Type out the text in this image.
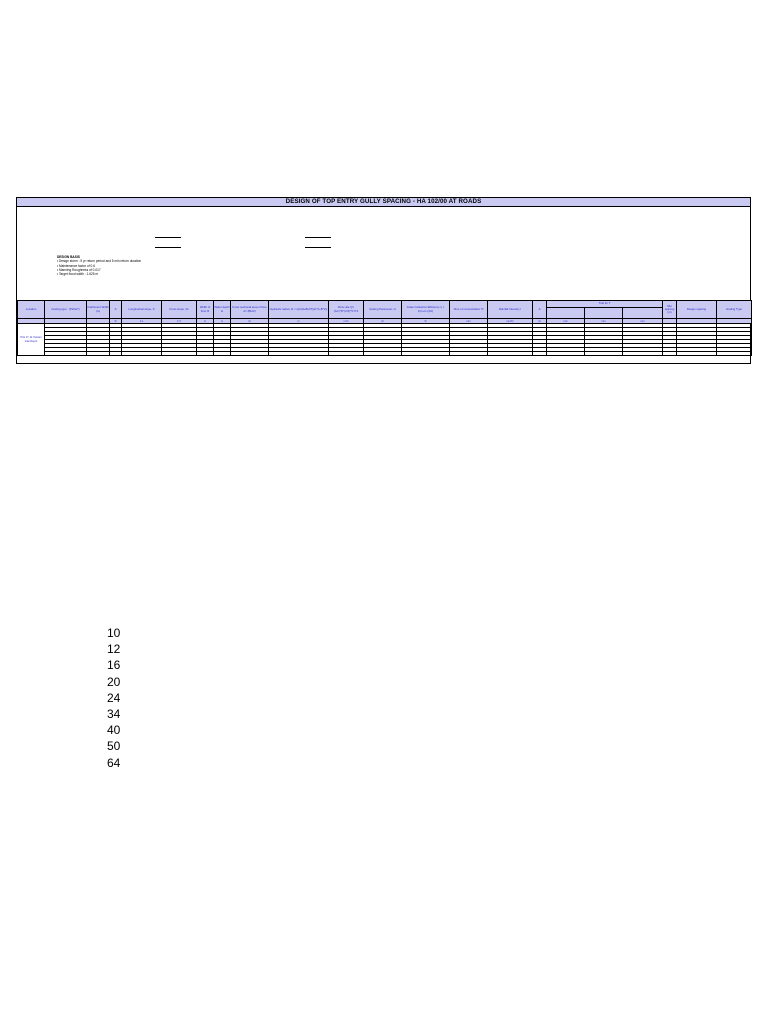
DESIGN OF TOP ENTRY GULLY SPACING - HA 102/00 AT ROADS
DESIGN BASIS
• Design storm : 5 yr return period and 5 min return duration
• Maintenance factor of 0.6
• Manning Roughness of 0.017
• Target flood width : 1.625 m
Location	Grating type : (P2/H2*)	Catchment Width (m)	S	Longitudinal slope, S	Cross slope, Sc	Width of flow, B	Water depth H	Cross sectional area of flow, A= (BH/2)	Hydraulic radius, R = (A)/(H+B(2/T)(H^2+B^2))	Flow rate Q=(A/n)*R^(2/3)*S^0.5	Grating Parameter, G	Grate Collection Efficiency η = 1/(1+G.Q/H)	Time of concentration Tc	Rainfall Intensity I	A	Trial for T			Min spacing (m)	Design spacing	Grating Type

			%	1:L	1:X	m	m	m²	m	m³/s	m²	%	min	mm/hr	m²	m/s	min	min			
Plot 17, Al Yamani Gas Depot																					

10
12
16
20
24
34
40
50
64
